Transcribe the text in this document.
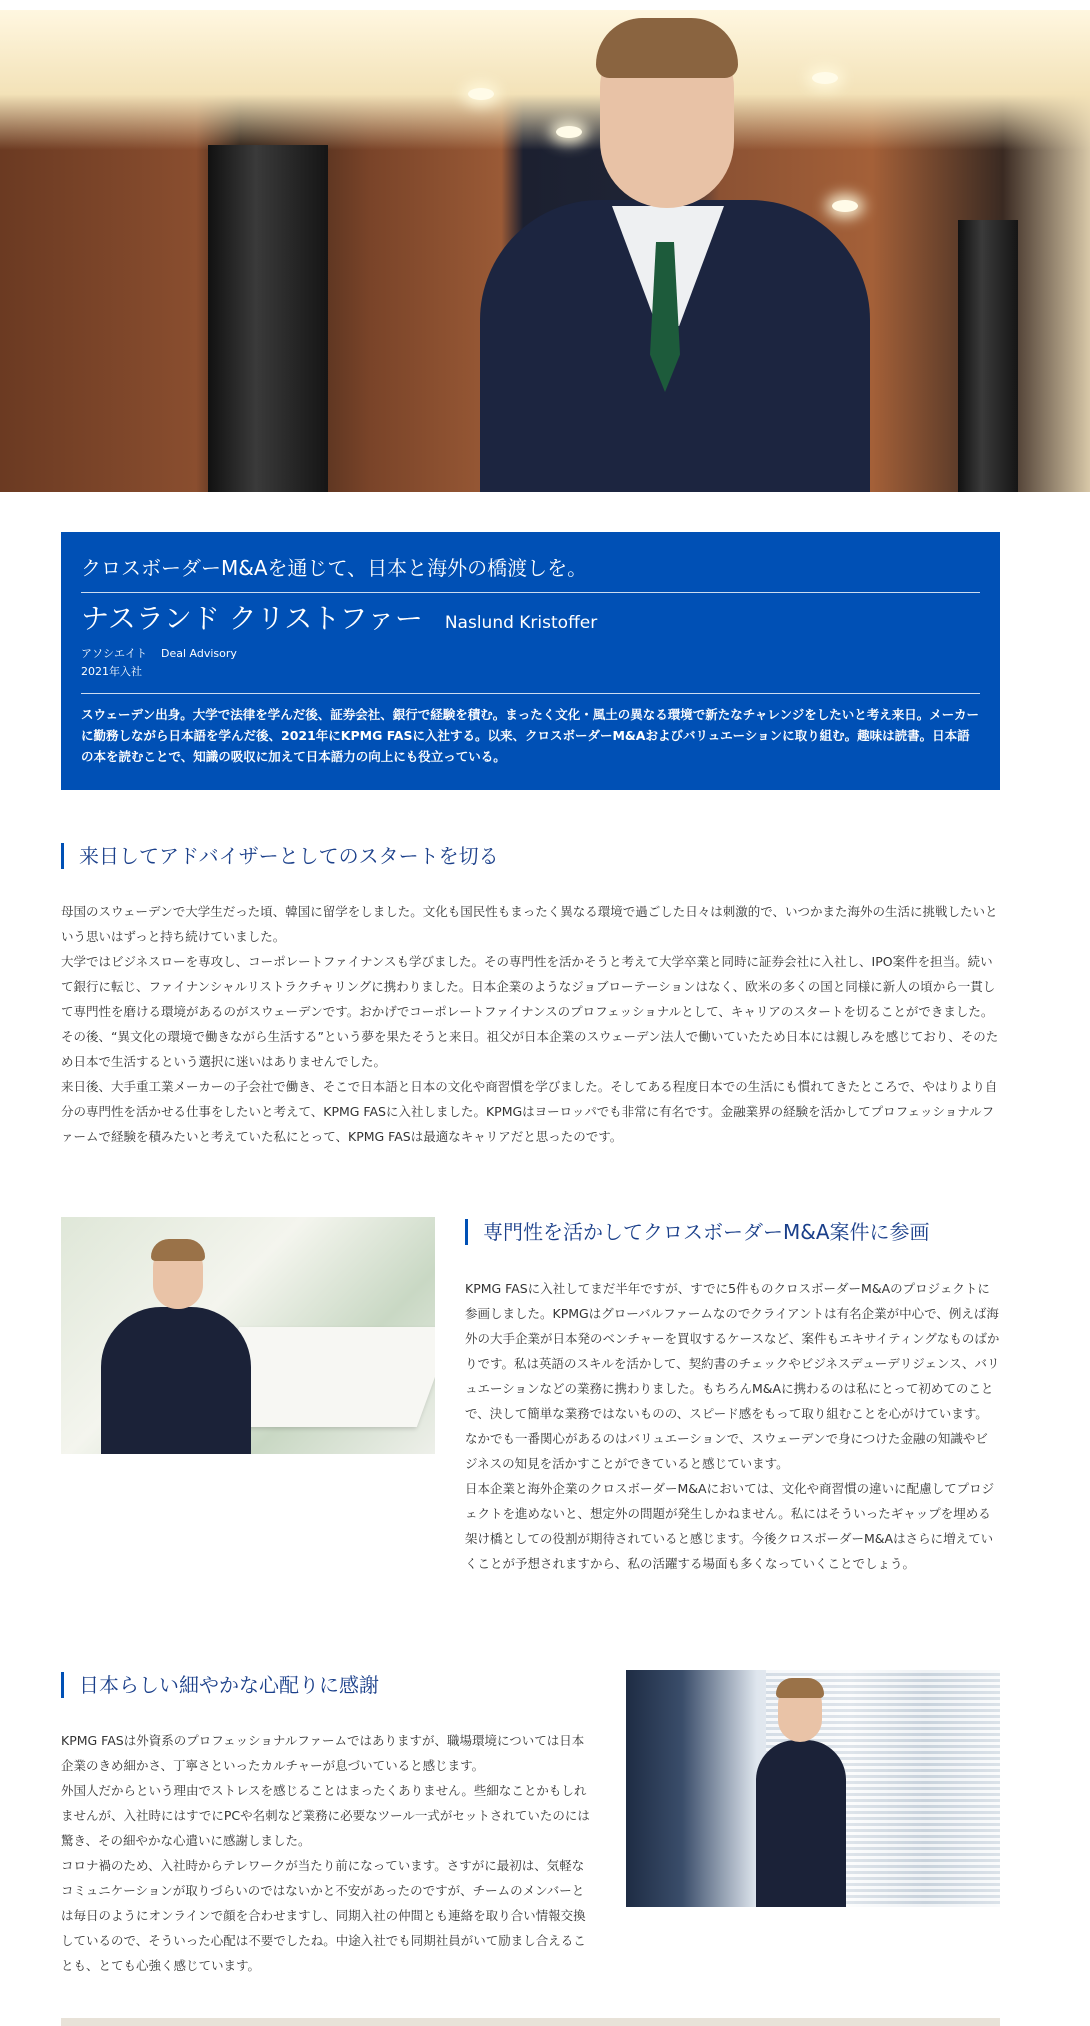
クロスボーダーM&Aを通じて、日本と海外の橋渡しを。

ナスランド クリストファー Naslund Kristoffer
アソシエイト Deal Advisory
2021年入社

スウェーデン出身。大学で法律を学んだ後、証券会社、銀行で経験を積む。まったく文化・風土の異なる環境で新たなチャレンジをしたいと考え来日。メーカーに勤務しながら日本語を学んだ後、2021年にKPMG FASに入社する。以来、クロスボーダーM&Aおよびバリュエーションに取り組む。趣味は読書。日本語の本を読むことで、知識の吸収に加えて日本語力の向上にも役立っている。

来日してアドバイザーとしてのスタートを切る

母国のスウェーデンで大学生だった頃、韓国に留学をしました。文化も国民性もまったく異なる環境で過ごした日々は刺激的で、いつかまた海外の生活に挑戦したいという思いはずっと持ち続けていました。

大学ではビジネスローを専攻し、コーポレートファイナンスも学びました。その専門性を活かそうと考えて大学卒業と同時に証券会社に入社し、IPO案件を担当。続いて銀行に転じ、ファイナンシャルリストラクチャリングに携わりました。日本企業のようなジョブローテーションはなく、欧米の多くの国と同様に新人の頃から一貫して専門性を磨ける環境があるのがスウェーデンです。おかげでコーポレートファイナンスのプロフェッショナルとして、キャリアのスタートを切ることができました。

その後、“異文化の環境で働きながら生活する”という夢を果たそうと来日。祖父が日本企業のスウェーデン法人で働いていたため日本には親しみを感じており、そのため日本で生活するという選択に迷いはありませんでした。

来日後、大手重工業メーカーの子会社で働き、そこで日本語と日本の文化や商習慣を学びました。そしてある程度日本での生活にも慣れてきたところで、やはりより自分の専門性を活かせる仕事をしたいと考えて、KPMG FASに入社しました。KPMGはヨーロッパでも非常に有名です。金融業界の経験を活かしてプロフェッショナルファームで経験を積みたいと考えていた私にとって、KPMG FASは最適なキャリアだと思ったのです。

専門性を活かしてクロスボーダーM&A案件に参画

KPMG FASに入社してまだ半年ですが、すでに5件ものクロスボーダーM&Aのプロジェクトに参画しました。KPMGはグローバルファームなのでクライアントは有名企業が中心で、例えば海外の大手企業が日本発のベンチャーを買収するケースなど、案件もエキサイティングなものばかりです。私は英語のスキルを活かして、契約書のチェックやビジネスデューデリジェンス、バリュエーションなどの業務に携わりました。もちろんM&Aに携わるのは私にとって初めてのことで、決して簡単な業務ではないものの、スピード感をもって取り組むことを心がけています。なかでも一番関心があるのはバリュエーションで、スウェーデンで身につけた金融の知識やビジネスの知見を活かすことができていると感じています。

日本企業と海外企業のクロスボーダーM&Aにおいては、文化や商習慣の違いに配慮してプロジェクトを進めないと、想定外の問題が発生しかねません。私にはそういったギャップを埋める架け橋としての役割が期待されていると感じます。今後クロスボーダーM&Aはさらに増えていくことが予想されますから、私の活躍する場面も多くなっていくことでしょう。

日本らしい細やかな心配りに感謝

KPMG FASは外資系のプロフェッショナルファームではありますが、職場環境については日本企業のきめ細かさ、丁寧さといったカルチャーが息づいていると感じます。

外国人だからという理由でストレスを感じることはまったくありません。些細なことかもしれませんが、入社時にはすでにPCや名刺など業務に必要なツール一式がセットされていたのには驚き、その細やかな心遣いに感謝しました。

コロナ禍のため、入社時からテレワークが当たり前になっています。さすがに最初は、気軽なコミュニケーションが取りづらいのではないかと不安があったのですが、チームのメンバーとは毎日のようにオンラインで顔を合わせますし、同期入社の仲間とも連絡を取り合い情報交換しているので、そういった心配は不要でしたね。中途入社でも同期社員がいて励まし合えることも、とても心強く感じています。
